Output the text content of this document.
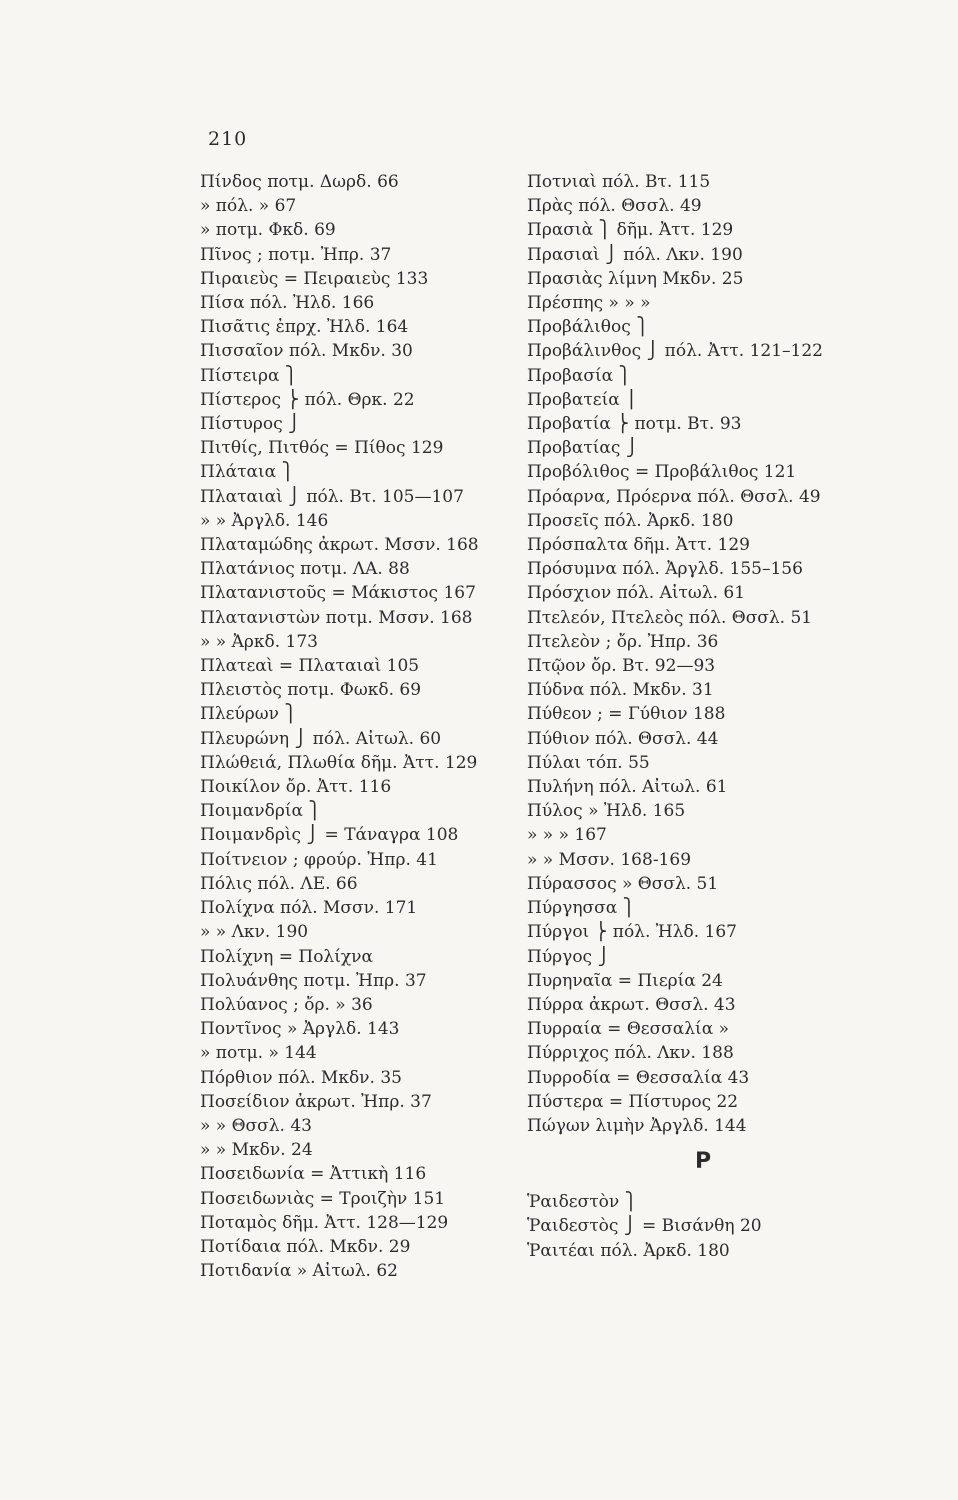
210
Πίνδος ποτμ. Δωρδ. 66
» πόλ. » 67
» ποτμ. Φκδ. 69
Πῖνος ; ποτμ. Ἠπρ. 37
Πιραιεὺς = Πειραιεὺς 133
Πίσα πόλ. Ἠλδ. 166
Πισᾶτις ἐπρχ. Ἠλδ. 164
Πισσαῖον πόλ. Μκδν. 30
Πίστειρα ⎫
Πίστερος ⎬ πόλ. Θρκ. 22
Πίστυρος ⎭
Πιτθίς, Πιτθός = Πίθος 129
Πλάταια ⎫
Πλαταιαὶ ⎭ πόλ. Βτ. 105—107
» » Ἀργλδ. 146
Πλαταμώδης ἀκρωτ. Μσσν. 168
Πλατάνιος ποτμ. ΛΑ. 88
Πλατανιστοῦς = Μάκιστος 167
Πλατανιστὼν ποτμ. Μσσν. 168
» » Ἀρκδ. 173
Πλατεαὶ = Πλαταιαὶ 105
Πλειστὸς ποτμ. Φωκδ. 69
Πλεύρων ⎫
Πλευρώνη ⎭ πόλ. Αἰτωλ. 60
Πλώθειά, Πλωθία δῆμ. Ἀττ. 129
Ποικίλον ὄρ. Ἀττ. 116
Ποιμανδρία ⎫
Ποιμανδρὶς ⎭ = Τάναγρα 108
Ποίτνειον ; φρούρ. Ἠπρ. 41
Πόλις πόλ. ΛΕ. 66
Πολίχνα πόλ. Μσσν. 171
» » Λκν. 190
Πολίχνη = Πολίχνα
Πολυάνθης ποτμ. Ἠπρ. 37
Πολύανος ; ὄρ. » 36
Ποντῖνος » Ἀργλδ. 143
» ποτμ. » 144
Πόρθιον πόλ. Μκδν. 35
Ποσείδιον ἀκρωτ. Ἠπρ. 37
» » Θσσλ. 43
» » Μκδν. 24
Ποσειδωνία = Ἀττικὴ 116
Ποσειδωνιὰς = Τροιζὴν 151
Ποταμὸς δῆμ. Ἀττ. 128—129
Ποτίδαια πόλ. Μκδν. 29
Ποτιδανία » Αἰτωλ. 62
Ποτνιαὶ πόλ. Βτ. 115
Πρὰς πόλ. Θσσλ. 49
Πρασιὰ ⎫ δῆμ. Ἀττ. 129
Πρασιαὶ ⎭ πόλ. Λκν. 190
Πρασιὰς λίμνη Μκδν. 25
Πρέσπης » » »
Προβάλιθος ⎫
Προβάλινθος ⎭ πόλ. Ἀττ. 121–122
Προβασία ⎫
Προβατεία ⎪
Προβατία ⎬ ποτμ. Βτ. 93
Προβατίας ⎭
Προβόλιθος = Προβάλιθος 121
Πρόαρνα, Πρόερνα πόλ. Θσσλ. 49
Προσεῖς πόλ. Ἀρκδ. 180
Πρόσπαλτα δῆμ. Ἀττ. 129
Πρόσυμνα πόλ. Ἀργλδ. 155–156
Πρόσχιον πόλ. Αἰτωλ. 61
Πτελεόν, Πτελεὸς πόλ. Θσσλ. 51
Πτελεὸν ; ὄρ. Ἠπρ. 36
Πτῷον ὄρ. Βτ. 92—93
Πύδνα πόλ. Μκδν. 31
Πύθεον ; = Γύθιον 188
Πύθιον πόλ. Θσσλ. 44
Πύλαι τόπ. 55
Πυλήνη πόλ. Αἰτωλ. 61
Πύλος » Ἠλδ. 165
» » » 167
» » Μσσν. 168-169
Πύρασσος » Θσσλ. 51
Πύργησσα ⎫
Πύργοι ⎬ πόλ. Ἠλδ. 167
Πύργος ⎭
Πυρηναῖα = Πιερία 24
Πύρρα ἀκρωτ. Θσσλ. 43
Πυρραία = Θεσσαλία »
Πύρριχος πόλ. Λκν. 188
Πυρροδία = Θεσσαλία 43
Πύστερα = Πίστυρος 22
Πώγων λιμὴν Ἀργλδ. 144
Ρ
Ῥαιδεστὸν ⎫
Ῥαιδεστὸς ⎭ = Βισάνθη 20
Ῥαιτέαι πόλ. Ἀρκδ. 180
